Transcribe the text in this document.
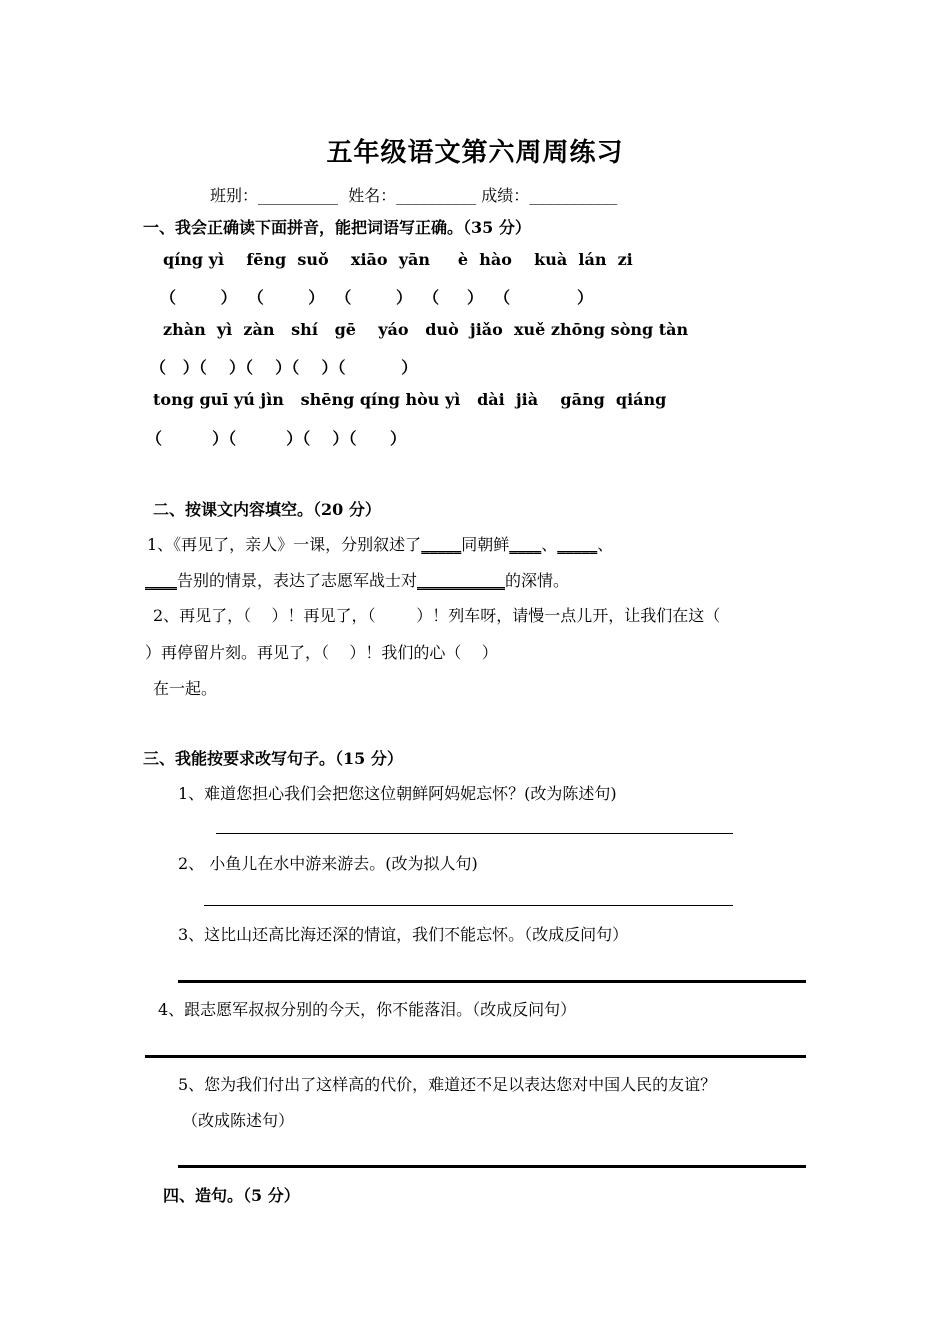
五年级语文第六周周练习
班别：__________  姓名：__________ 成绩：___________
一、我会正确读下面拼音，能把词语写正确。（35 分）
qíng yì    fēng  suǒ    xiāo  yān     è  hào    kuà  lán  zi
（        ）  （        ）  （        ）  （     ）  （            ）
zhàn  yì  zàn   shí   gē    yáo   duò  jiǎo  xuě zhōng sòng tàn
（   ）（    ）（    ）（    ）（          ）
tong guī yú jìn   shēng qíng hòu yì   dài  jià    gāng  qiáng
（         ）（         ）（    ）（      ）
二、按课文内容填空。（20 分）
1、《再见了，亲人》一课，分别叙述了_____同朝鲜____、_____、
____告别的情景，表达了志愿军战士对___________的深情。
2、再见了，（    ）！再见了，（        ）！列车呀，请慢一点儿开，让我们在这（
）再停留片刻。再见了，（    ）！我们的心（    ）
在一起。
三、我能按要求改写句子。（15 分）
1、难道您担心我们会把您这位朝鲜阿妈妮忘怀？(改为陈述句)
2、 小鱼儿在水中游来游去。(改为拟人句)
3、这比山还高比海还深的情谊，我们不能忘怀。（改成反问句）
4、跟志愿军叔叔分别的今天，你不能落泪。（改成反问句）
5、您为我们付出了这样高的代价，难道还不足以表达您对中国人民的友谊？
（改成陈述句）
四、造句。（5 分）
